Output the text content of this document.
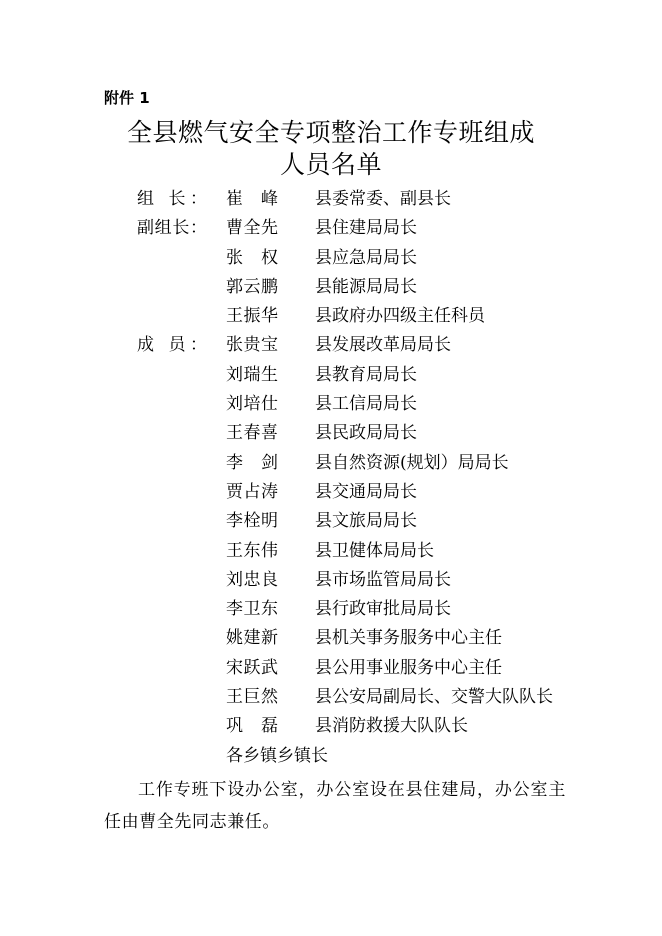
附件 1
全县燃气安全专项整治工作专班组成
人员名单
组 长： 崔 峰 县委常委、副县长
副组长： 曹全先 县住建局局长
张 权 县应急局局长
郭云鹏 县能源局局长
王振华 县政府办四级主任科员
成 员： 张贵宝 县发展改革局局长
刘瑞生 县教育局局长
刘培仕 县工信局局长
王春喜 县民政局局长
李 剑 县自然资源(规划）局局长
贾占涛 县交通局局长
李栓明 县文旅局局长
王东伟 县卫健体局局长
刘忠良 县市场监管局局长
李卫东 县行政审批局局长
姚建新 县机关事务服务中心主任
宋跃武 县公用事业服务中心主任
王巨然 县公安局副局长、交警大队队长
巩 磊 县消防救援大队队长
各乡镇乡镇长
工作专班下设办公室，办公室设在县住建局，办公室主任由曹全先同志兼任。
